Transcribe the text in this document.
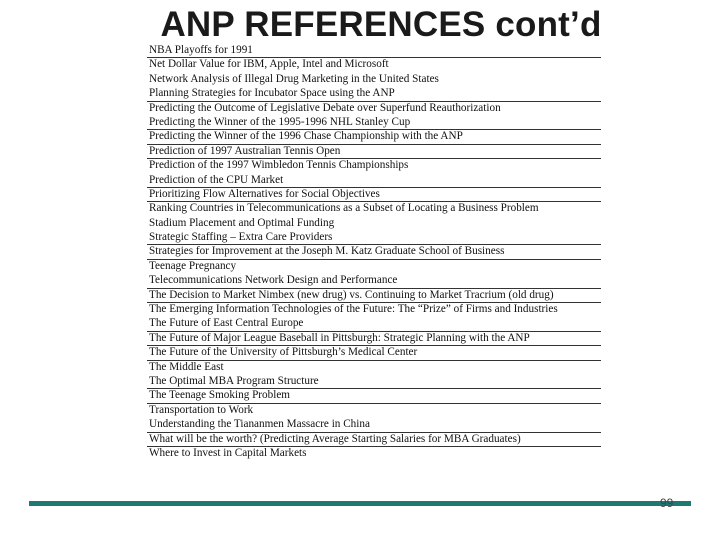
ANP REFERENCES cont’d
NBA Playoffs for 1991
Net Dollar Value for IBM, Apple, Intel and Microsoft
Network Analysis of Illegal Drug Marketing in the United States
Planning Strategies for Incubator Space using the ANP
Predicting the Outcome of Legislative Debate over Superfund Reauthorization
Predicting the Winner of the 1995-1996 NHL Stanley Cup
Predicting the Winner of the 1996 Chase Championship with the ANP
Prediction of 1997 Australian Tennis Open
Prediction of the 1997 Wimbledon Tennis Championships
Prediction of the CPU Market
Prioritizing Flow Alternatives for Social Objectives
Ranking Countries in Telecommunications as a Subset of Locating a Business Problem
Stadium Placement and Optimal Funding
Strategic Staffing – Extra Care Providers
Strategies for Improvement at the Joseph M. Katz Graduate School of Business
Teenage Pregnancy
Telecommunications Network Design and Performance
The Decision to Market Nimbex (new drug) vs. Continuing to Market Tracrium (old drug)
The Emerging Information Technologies of the Future: The “Prize” of Firms and Industries
The Future of East Central Europe
The Future of Major League Baseball in Pittsburgh: Strategic Planning with the ANP
The Future of the University of Pittsburgh’s Medical Center
The Middle East
The Optimal MBA Program Structure
The Teenage Smoking Problem
Transportation to Work
Understanding the Tiananmen Massacre in China
What will be the worth? (Predicting Average Starting Salaries for MBA Graduates)
Where to Invest in Capital Markets
99
